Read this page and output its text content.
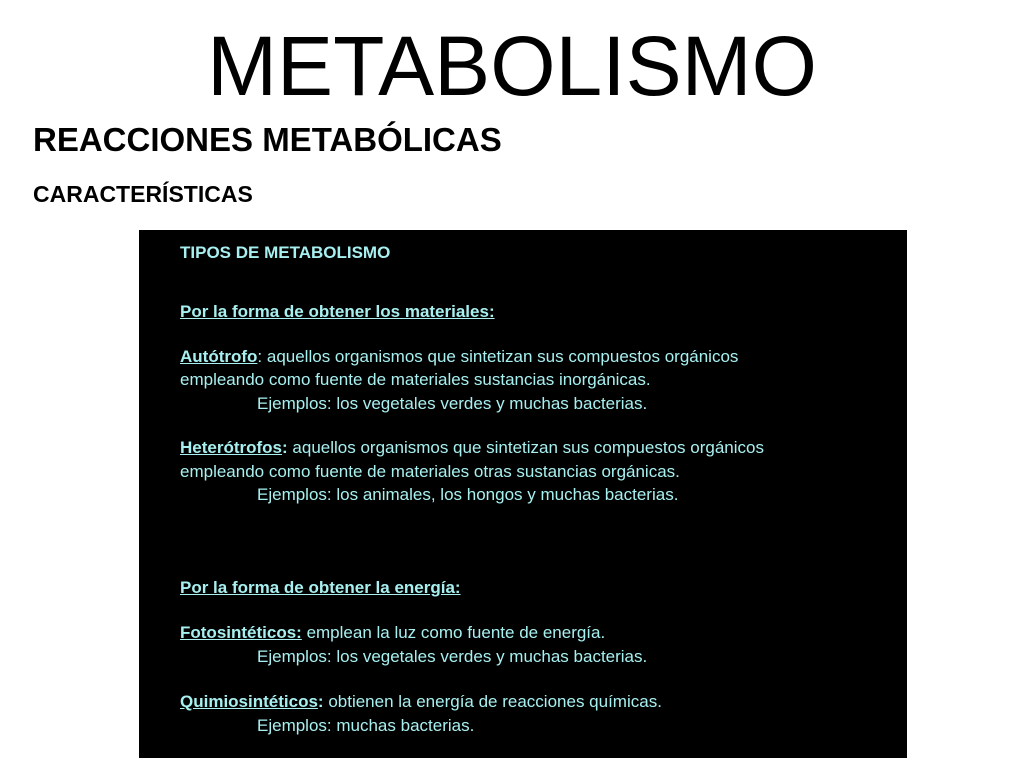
METABOLISMO
REACCIONES METABÓLICAS
CARACTERÍSTICAS
TIPOS DE METABOLISMO
Por la forma de obtener los materiales:
Autótrofo: aquellos organismos que sintetizan sus compuestos orgánicos
empleando como fuente de materiales sustancias inorgánicas.
Ejemplos: los vegetales verdes y muchas bacterias.
Heterótrofos: aquellos organismos que sintetizan sus compuestos orgánicos
empleando como fuente de materiales otras sustancias orgánicas.
Ejemplos: los animales, los hongos y muchas bacterias.
Por la forma de obtener la energía:
Fotosintéticos: emplean la luz como fuente de energía.
Ejemplos: los vegetales verdes y muchas bacterias.
Quimiosintéticos: obtienen la energía de reacciones químicas.
Ejemplos: muchas bacterias.
